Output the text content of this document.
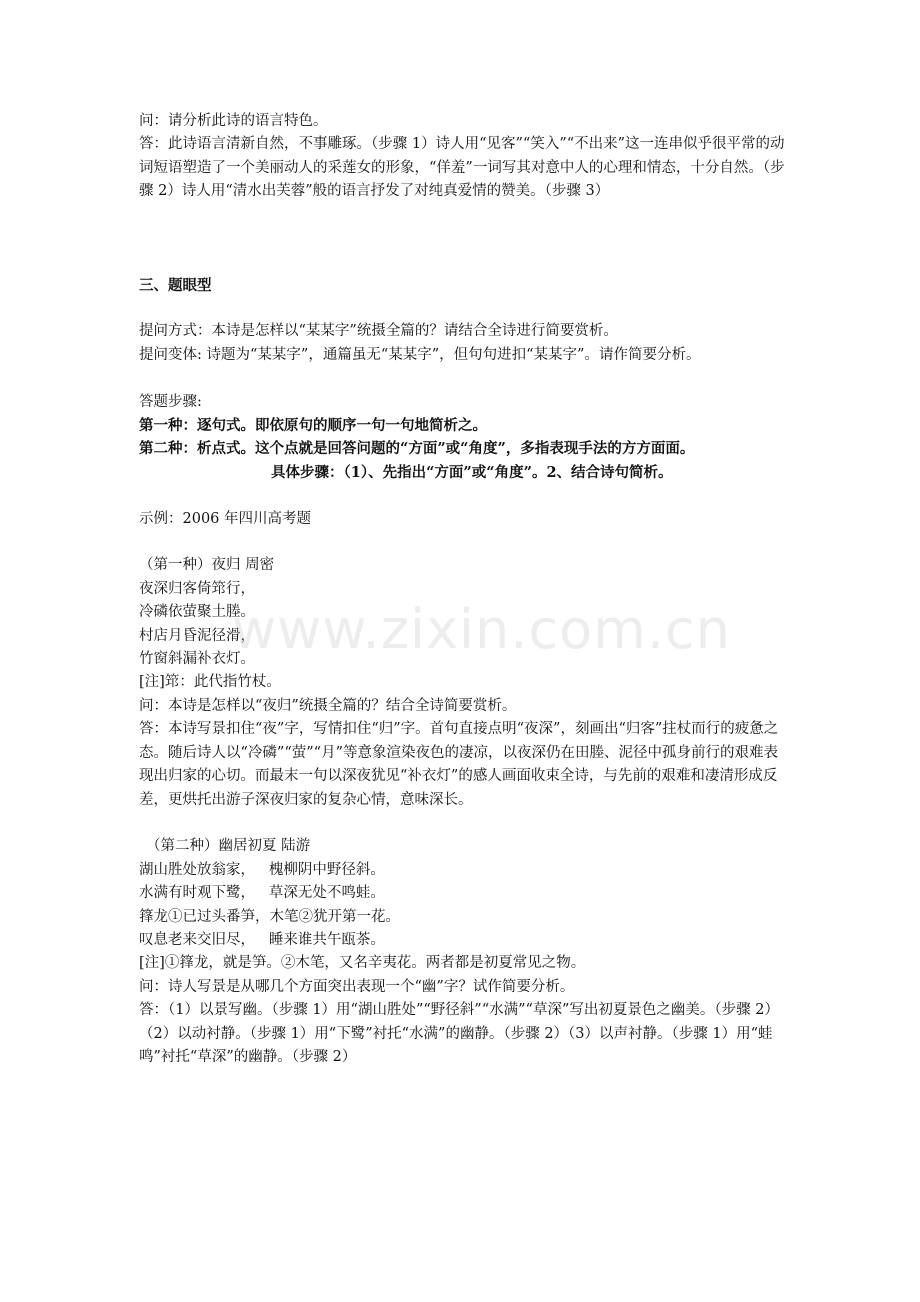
问：请分析此诗的语言特色。

答：此诗语言清新自然，不事雕琢。（步骤 1）诗人用“见客”“笑入”“不出来”这一连串似乎很平常的动词短语塑造了一个美丽动人的采莲女的形象，“佯羞”一词写其对意中人的心理和情态，十分自然。（步骤 2）诗人用“清水出芙蓉”般的语言抒发了对纯真爱情的赞美。（步骤 3）

三、题眼型

提问方式：本诗是怎样以“某某字”统摄全篇的？请结合全诗进行简要赏析。

提问变体: 诗题为“某某字”，通篇虽无“某某字”，但句句进扣“某某字”。请作简要分析。

答题步骤:

第一种：逐句式。即依原句的顺序一句一句地简析之。

第二种：析点式。这个点就是回答问题的“方面”或“角度”，多指表现手法的方方面面。

具体步骤：（1）、先指出“方面”或“角度”。2、结合诗句简析。

示例：2006 年四川高考题

（第一种）夜归 周密

夜深归客倚筇行，

冷磷依萤聚土塍。

村店月昏泥径滑，

竹窗斜漏补衣灯。

[注]筇：此代指竹杖。

问：本诗是怎样以“夜归”统摄全篇的？结合全诗简要赏析。

答：本诗写景扣住“夜”字，写情扣住“归”字。首句直接点明“夜深”，刻画出“归客”拄杖而行的疲惫之态。随后诗人以“冷磷”“萤”“月”等意象渲染夜色的凄凉，以夜深仍在田塍、泥径中孤身前行的艰难表现出归家的心切。而最末一句以深夜犹见“补衣灯”的感人画面收束全诗，与先前的艰难和凄清形成反差，更烘托出游子深夜归家的复杂心情，意味深长。

（第二种）幽居初夏 陆游

湖山胜处放翁家，   槐柳阴中野径斜。

水满有时观下鹭，   草深无处不鸣蛙。

箨龙①已过头番笋，木笔②犹开第一花。

叹息老来交旧尽，   睡来谁共午瓯茶。

[注]①箨龙，就是笋。②木笔，又名辛夷花。两者都是初夏常见之物。

问：诗人写景是从哪几个方面突出表现一个“幽”字？试作简要分析。

答：（1）以景写幽。（步骤 1）用“湖山胜处”“野径斜”“水满”“草深”写出初夏景色之幽美。（步骤 2）（2）以动衬静。（步骤 1）用“下鹭”衬托“水满”的幽静。（步骤 2）（3）以声衬静。（步骤 1）用“蛙鸣”衬托“草深”的幽静。（步骤 2）

www.zixin.com.cn
